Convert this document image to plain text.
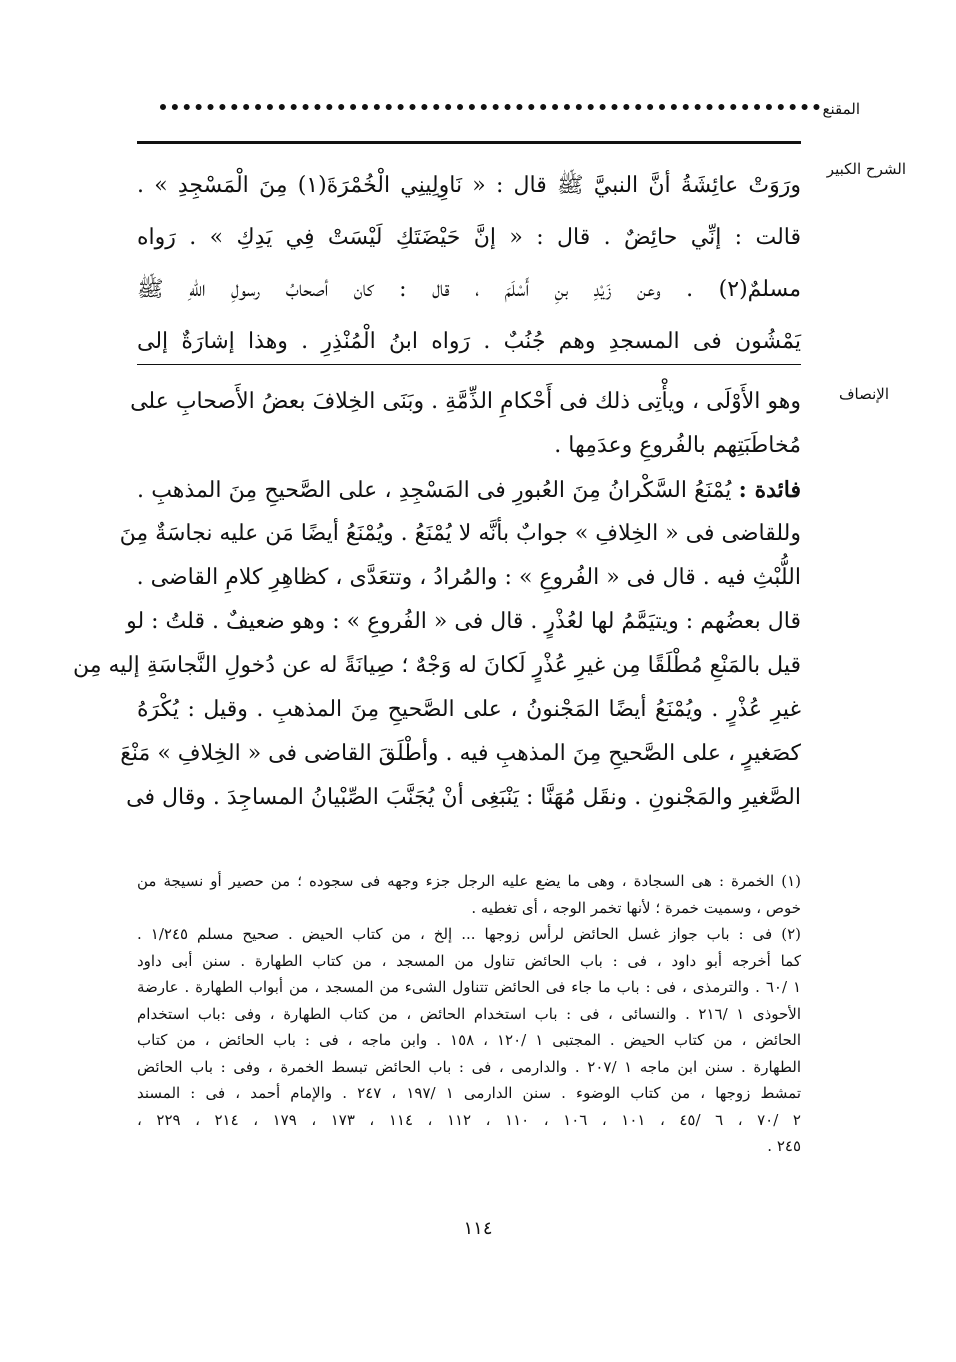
المقنع
الشرح الكبير
الإنصاف

ورَوَتْ عائِشَةُ أنَّ النبيَّ ﷺ قال : « نَاوِلِينِي الْخُمْرَةَ(١) مِنَ الْمَسْجِدِ » .

قالت : إنِّي حائِضٌ . قال : « إنَّ حَيْضَتَكِ لَيْسَتْ فِي يَدِكِ » . رَواه

مسلمٌ(٢) . وعن زَيْدِ بنِ أَسْلَمَ ، قال : كان أصحابُ رسولِ اللهِ ﷺ

يَمْشُون فى المسجدِ وهم جُنُبٌ . رَواه ابنُ الْمُنْذِرِ . وهذا إشارَةٌ إلى

وهو الأَوْلَى ، ويأْتِى ذلك فى أَحْكامِ الذِّمَّةِ . وبَنَى الخِلافَ بعضُ الأَصحابِ على

مُخاطَبَتِهم بالفُروعِ وعدَمِها .

فائدة : يُمْنَعُ السَّكْرانُ مِنَ العُبورِ فى المَسْجِدِ ، على الصَّحيحِ مِنَ المذهبِ .

وللقاضى فى « الخِلافِ » جوابٌ بأنَّه لا يُمْنَعُ . ويُمْنَعُ أيضًا مَن عليه نجاسَةٌ مِنَ

اللُّبْثِ فيه . قال فى « الفُروعِ » : والمُرادُ ، وتتعَدَّى ، كظاهِرِ كلامِ القاضى .

قال بعضُهم : ويتيَمَّمُ لها لعُذْرٍ . قال فى « الفُروعِ » : وهو ضعيفٌ . قلتُ : لو

قيل بالمَنْعِ مُطْلَقًا مِن غيرِ عُذْرٍ لَكانَ له وَجْهٌ ؛ صِيانَةً له عن دُخولِ النَّجاسَةِ إليه مِن

غيرِ عُذْرٍ . ويُمْنَعُ أيضًا المَجْنونُ ، على الصَّحيحِ مِنَ المذهبِ . وقيل : يُكْرَهُ

كصَغيرٍ ، على الصَّحيحِ مِنَ المذهبِ فيه . وأطْلَقَ القاضى فى « الخِلافِ » مَنْعَ

الصَّغيرِ والمَجْنونِ . ونقَل مُهَنَّا : يَنْبَغِى أنْ يُجَنَّبَ الصِّبْيانُ المساجِدَ . وقال فى

(١) الخمرة : هى السجادة ، وهى ما يضع عليه الرجل جزء وجهه فى سجوده ؛ من حصير أو نسيجة من

خوص ، وسميت خمرة ؛ لأنها تخمر الوجه ، أى تغطيه .

(٢) فى : باب جواز غسل الحائض لرأس زوجها ... إلخ ، من كتاب الحيض . صحيح مسلم ١/٢٤٥ .

كما أخرجه أبو داود ، فى : باب الحائض تناول من المسجد ، من كتاب الطهارة . سنن أبى داود

١ /٦٠ . والترمذى ، فى : باب ما جاء فى الحائض تتناول الشىء من المسجد ، من أبواب الطهارة . عارضة

الأحوذى ١ /٢١٦ . والنسائى ، فى : باب استخدام الحائض ، من كتاب الطهارة ، وفى :باب استخدام

الحائض ، من كتاب الحيض . المجتبى ١ /١٢٠ ، ١٥٨ . وابن ماجه ، فى : باب الحائض ، من كتاب

الطهارة . سنن ابن ماجه ١ /٢٠٧ . والدارمى ، فى : باب الحائض تبسط الخمرة ، وفى : باب الحائض

تمشط زوجها ، من كتاب الوضوء . سنن الدارمى ١ /١٩٧ ، ٢٤٧ . والإمام أحمد ، فى : المسند

٢ /٧٠ ، ٦ /٤٥ ، ١٠١ ، ١٠٦ ، ١١٠ ، ١١٢ ، ١١٤ ، ١٧٣ ، ١٧٩ ، ٢١٤ ، ٢٢٩ ،

٢٤٥ .

١١٤
